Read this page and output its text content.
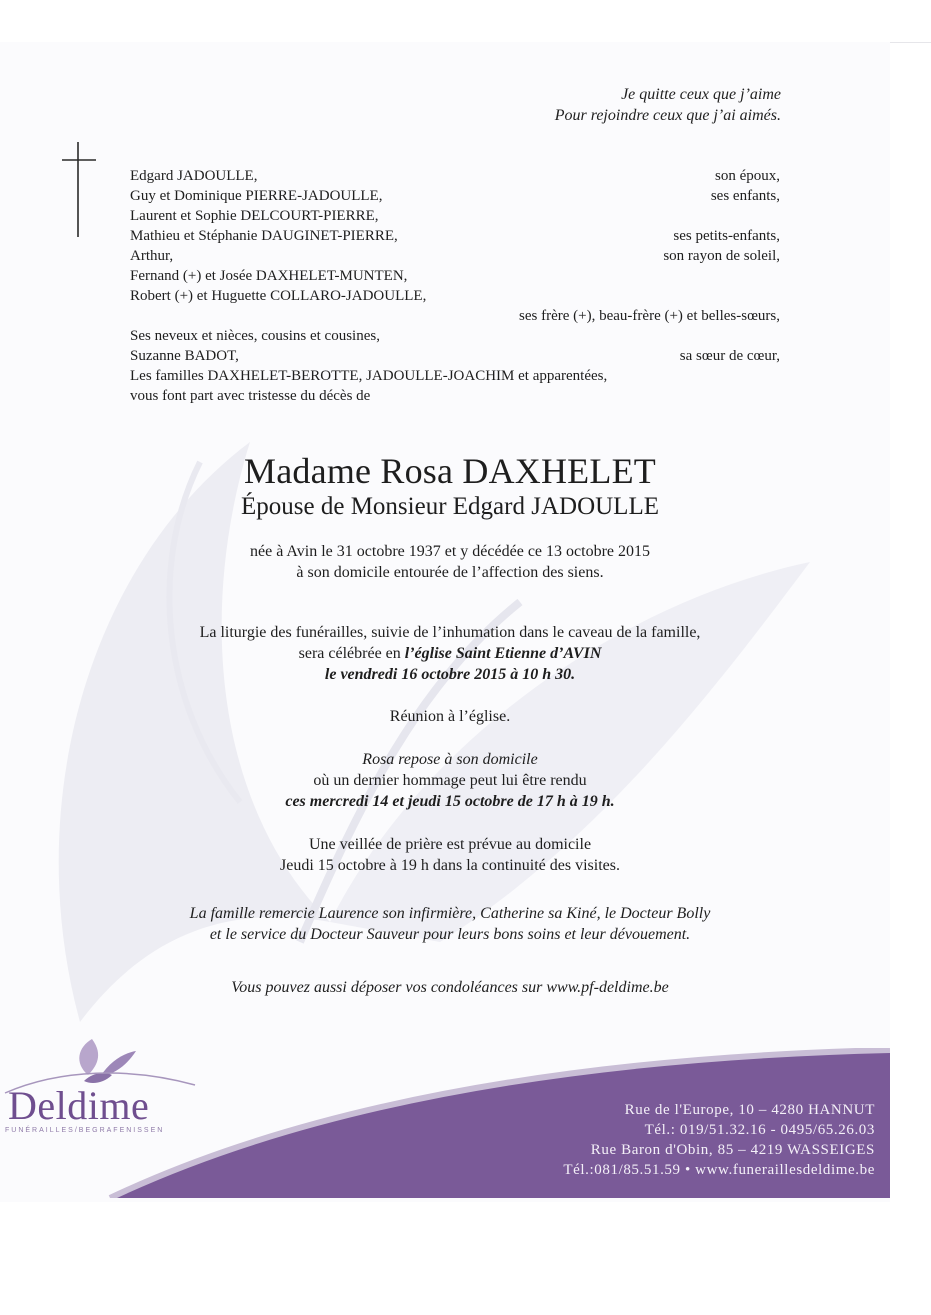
Je quitte ceux que j’aime
Pour rejoindre ceux que j’ai aimés.
Edgard JADOULLE,	son époux,
Guy et Dominique PIERRE-JADOULLE,	ses enfants,
Laurent et Sophie DELCOURT-PIERRE,
Mathieu et Stéphanie DAUGINET-PIERRE,	ses petits-enfants,
Arthur,	son rayon de soleil,
Fernand (+) et Josée DAXHELET-MUNTEN,
Robert (+) et Huguette COLLARO-JADOULLE,
ses frère (+), beau-frère (+) et belles-sœurs,
Ses neveux et nièces, cousins et cousines,
Suzanne BADOT,	sa sœur de cœur,
Les familles DAXHELET-BEROTTE, JADOULLE-JOACHIM et apparentées,
vous font part avec tristesse du décès de
Madame Rosa DAXHELET
Épouse de Monsieur Edgard JADOULLE
née à Avin le 31 octobre 1937 et y décédée ce 13 octobre 2015
à son domicile entourée de l’affection des siens.
La liturgie des funérailles, suivie de l’inhumation dans le caveau de la famille,
sera célébrée en l’église Saint Etienne d’AVIN
le vendredi 16 octobre 2015 à 10 h 30.
Réunion à l’église.
Rosa repose à son domicile
où un dernier hommage peut lui être rendu
ces mercredi 14 et jeudi 15 octobre de 17 h à 19 h.
Une veillée de prière est prévue au domicile
Jeudi 15 octobre à 19 h dans la continuité des visites.
La famille remercie Laurence son infirmière, Catherine sa Kiné, le Docteur Bolly
et le service du Docteur Sauveur pour leurs bons soins et leur dévouement.
Vous pouvez aussi déposer vos condoléances sur www.pf-deldime.be
Deldime
FUNÉRAILLES/BEGRAFENISSEN
Rue de l'Europe, 10 – 4280 HANNUT
Tél.: 019/51.32.16 - 0495/65.26.03
Rue Baron d'Obin, 85 – 4219 WASSEIGES
Tél.:081/85.51.59 • www.funeraillesdeldime.be
